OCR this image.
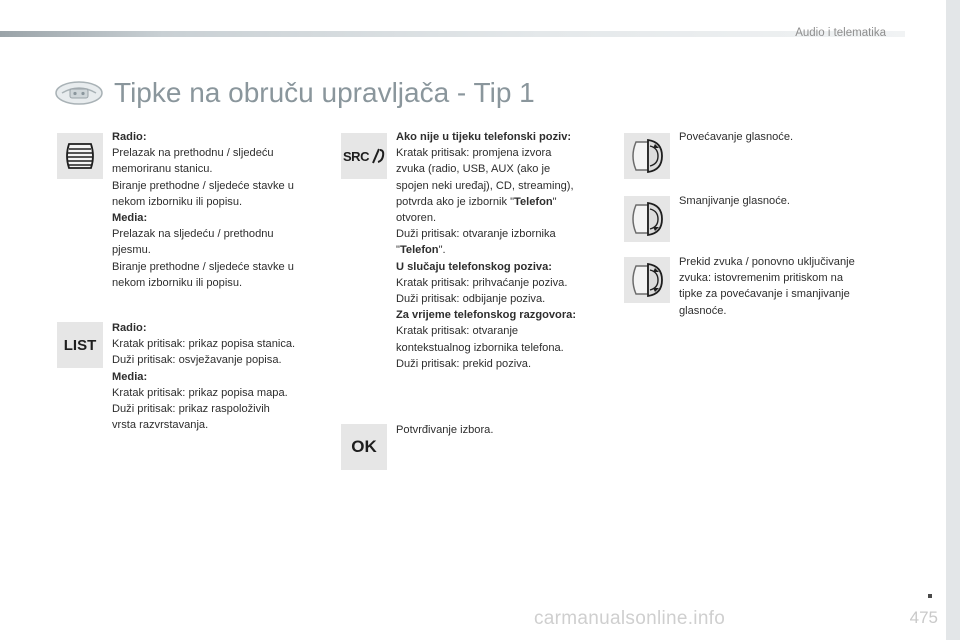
Audio i telematika
Tipke na obruču upravljača - Tip 1
LIST
Radio:
Prelazak na prethodnu / sljedeću
memoriranu stanicu.
Biranje prethodne / sljedeće stavke u
nekom izborniku ili popisu.
Media:
Prelazak na sljedeću / prethodnu
pjesmu.
Biranje prethodne / sljedeće stavke u
nekom izborniku ili popisu.
Radio:
Kratak pritisak: prikaz popisa stanica.
Duži pritisak: osvježavanje popisa.
Media:
Kratak pritisak: prikaz popisa mapa.
Duži pritisak: prikaz raspoloživih
vrsta razvrstavanja.
SRC
OK
Ako nije u tijeku telefonski poziv:
Kratak pritisak: promjena izvora
zvuka (radio, USB, AUX (ako je
spojen neki uređaj), CD, streaming),
potvrda ako je izbornik "Telefon"
otvoren.
Duži pritisak: otvaranje izbornika
"Telefon".
U slučaju telefonskog poziva:
Kratak pritisak: prihvaćanje poziva.
Duži pritisak: odbijanje poziva.
Za vrijeme telefonskog razgovora:
Kratak pritisak: otvaranje
kontekstualnog izbornika telefona.
Duži pritisak: prekid poziva.
Potvrđivanje izbora.
Povećavanje glasnoće.
Smanjivanje glasnoće.
Prekid zvuka / ponovno uključivanje
zvuka: istovremenim pritiskom na
tipke za povećavanje i smanjivanje
glasnoće.
carmanualsonline.info	475
